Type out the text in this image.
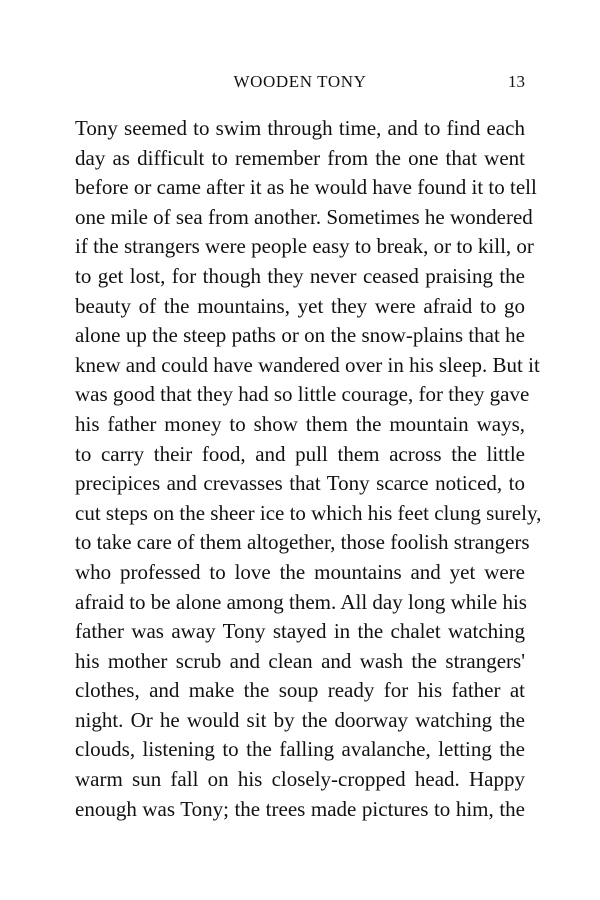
WOODEN TONY	13
Tony seemed to swim through time, and to find each
day as difficult to remember from the one that went
before or came after it as he would have found it to tell
one mile of sea from another. Sometimes he wondered
if the strangers were people easy to break, or to kill, or
to get lost, for though they never ceased praising the
beauty of the mountains, yet they were afraid to go
alone up the steep paths or on the snow-plains that he
knew and could have wandered over in his sleep. But it
was good that they had so little courage, for they gave
his father money to show them the mountain ways,
to carry their food, and pull them across the little
precipices and crevasses that Tony scarce noticed, to
cut steps on the sheer ice to which his feet clung surely,
to take care of them altogether, those foolish strangers
who professed to love the mountains and yet were
afraid to be alone among them. All day long while his
father was away Tony stayed in the chalet watching
his mother scrub and clean and wash the strangers'
clothes, and make the soup ready for his father at
night. Or he would sit by the doorway watching the
clouds, listening to the falling avalanche, letting the
warm sun fall on his closely-cropped head. Happy
enough was Tony; the trees made pictures to him, the
